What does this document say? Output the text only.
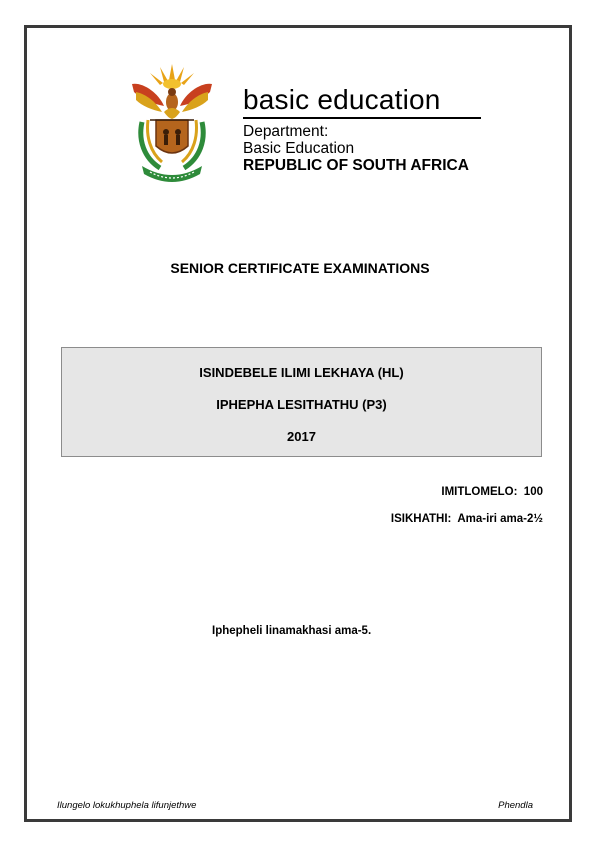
basic education
Department:
Basic Education
REPUBLIC OF SOUTH AFRICA
SENIOR CERTIFICATE EXAMINATIONS
ISINDEBELE ILIMI LEKHAYA (HL)
IPHEPHA LESITHATHU (P3)
2017
IMITLOMELO:  100
ISIKHATHI:  Ama-iri ama-2½
Iphepheli linamakhasi ama-5.
Ilungelo lokukhuphela lifunjethwe	Phendla
